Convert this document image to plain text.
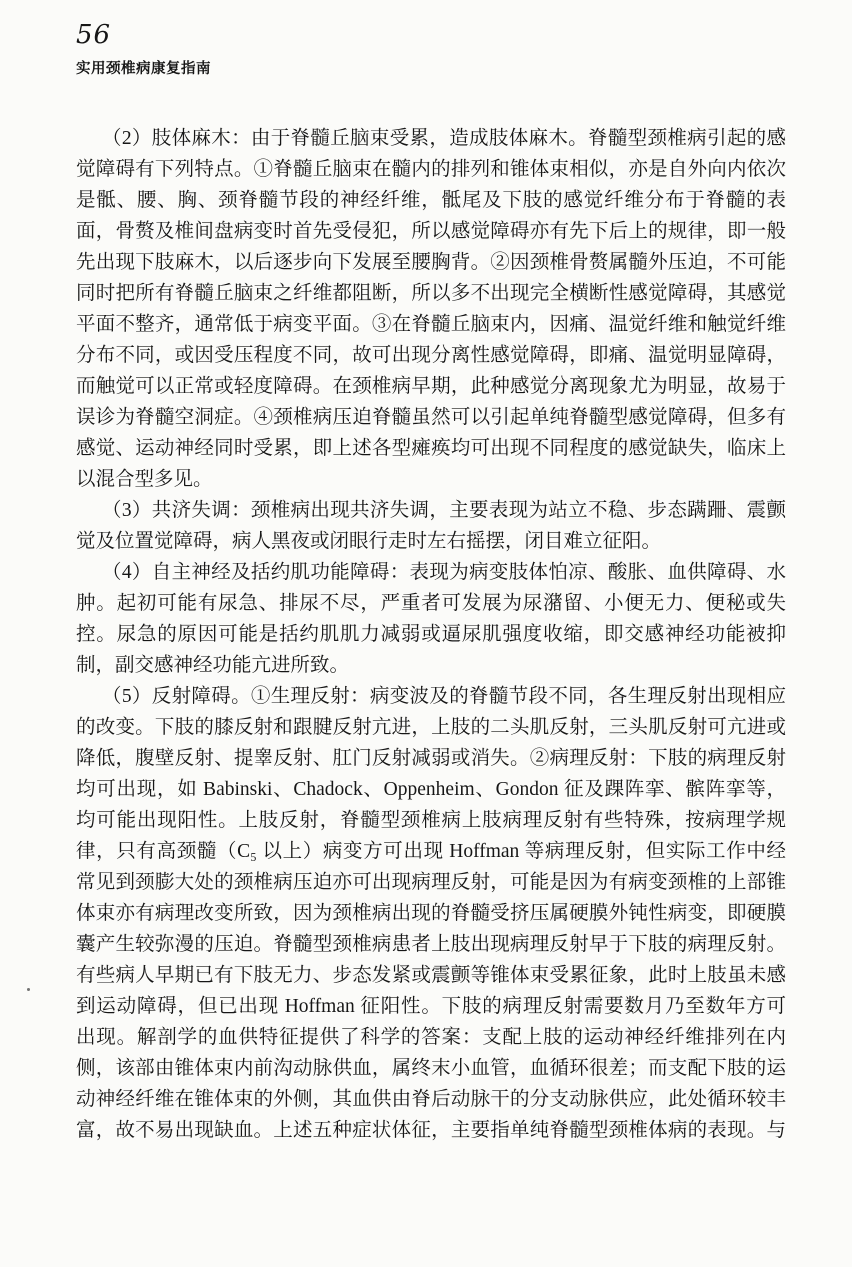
56
实用颈椎病康复指南
（2）肢体麻木：由于脊髓丘脑束受累，造成肢体麻木。脊髓型颈椎病引起的感
觉障碍有下列特点。①脊髓丘脑束在髓内的排列和锥体束相似，亦是自外向内依次
是骶、腰、胸、颈脊髓节段的神经纤维，骶尾及下肢的感觉纤维分布于脊髓的表
面，骨赘及椎间盘病变时首先受侵犯，所以感觉障碍亦有先下后上的规律，即一般
先出现下肢麻木，以后逐步向下发展至腰胸背。②因颈椎骨赘属髓外压迫，不可能
同时把所有脊髓丘脑束之纤维都阻断，所以多不出现完全横断性感觉障碍，其感觉
平面不整齐，通常低于病变平面。③在脊髓丘脑束内，因痛、温觉纤维和触觉纤维
分布不同，或因受压程度不同，故可出现分离性感觉障碍，即痛、温觉明显障碍，
而触觉可以正常或轻度障碍。在颈椎病早期，此种感觉分离现象尤为明显，故易于
误诊为脊髓空洞症。④颈椎病压迫脊髓虽然可以引起单纯脊髓型感觉障碍，但多有
感觉、运动神经同时受累，即上述各型瘫痪均可出现不同程度的感觉缺失，临床上
以混合型多见。
（3）共济失调：颈椎病出现共济失调，主要表现为站立不稳、步态蹒跚、震颤
觉及位置觉障碍，病人黑夜或闭眼行走时左右摇摆，闭目难立征阳。
（4）自主神经及括约肌功能障碍：表现为病变肢体怕凉、酸胀、血供障碍、水
肿。起初可能有尿急、排尿不尽，严重者可发展为尿潴留、小便无力、便秘或失
控。尿急的原因可能是括约肌肌力减弱或逼尿肌强度收缩，即交感神经功能被抑
制，副交感神经功能亢进所致。
（5）反射障碍。①生理反射：病变波及的脊髓节段不同，各生理反射出现相应
的改变。下肢的膝反射和跟腱反射亢进，上肢的二头肌反射，三头肌反射可亢进或
降低，腹壁反射、提睾反射、肛门反射减弱或消失。②病理反射：下肢的病理反射
均可出现，如 Babinski、Chadock、Oppenheim、Gondon 征及踝阵挛、髌阵挛等，
均可能出现阳性。上肢反射，脊髓型颈椎病上肢病理反射有些特殊，按病理学规
律，只有高颈髓（C₅ 以上）病变方可出现 Hoffman 等病理反射，但实际工作中经
常见到颈膨大处的颈椎病压迫亦可出现病理反射，可能是因为有病变颈椎的上部锥
体束亦有病理改变所致，因为颈椎病出现的脊髓受挤压属硬膜外钝性病变，即硬膜
囊产生较弥漫的压迫。脊髓型颈椎病患者上肢出现病理反射早于下肢的病理反射。
有些病人早期已有下肢无力、步态发紧或震颤等锥体束受累征象，此时上肢虽未感
到运动障碍，但已出现 Hoffman 征阳性。下肢的病理反射需要数月乃至数年方可
出现。解剖学的血供特征提供了科学的答案：支配上肢的运动神经纤维排列在内
侧，该部由锥体束内前沟动脉供血，属终末小血管，血循环很差；而支配下肢的运
动神经纤维在锥体束的外侧，其血供由脊后动脉干的分支动脉供应，此处循环较丰
富，故不易出现缺血。上述五种症状体征，主要指单纯脊髓型颈椎体病的表现。与
